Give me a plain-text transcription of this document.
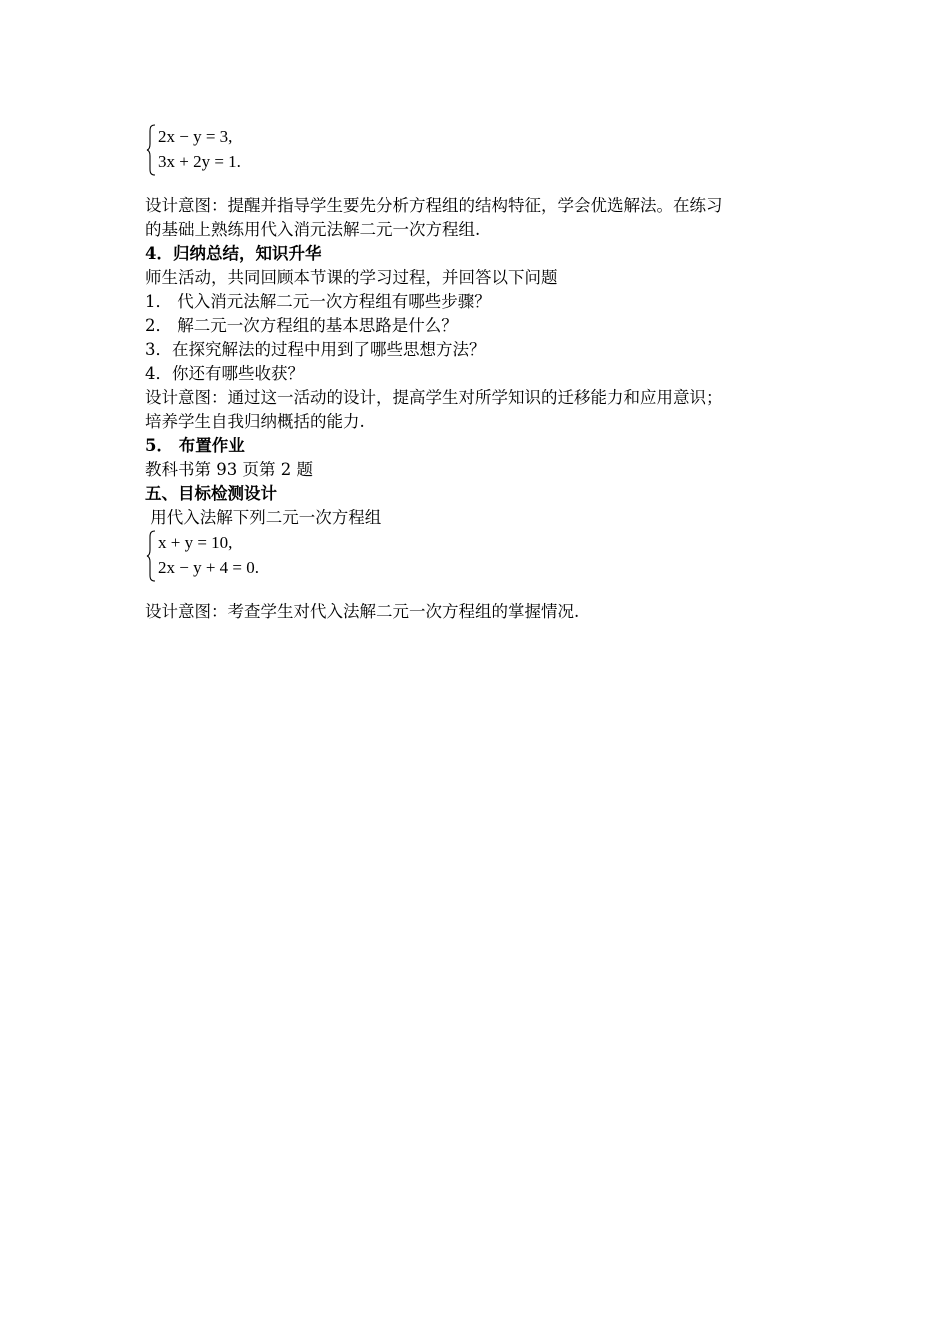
2x − y = 3,
3x + 2y = 1.
设计意图：提醒并指导学生要先分析方程组的结构特征，学会优选解法。在练习
的基础上熟练用代入消元法解二元一次方程组.
4．归纳总结，知识升华
师生活动，共同回顾本节课的学习过程，并回答以下问题
1． 代入消元法解二元一次方程组有哪些步骤？
2． 解二元一次方程组的基本思路是什么？
3．在探究解法的过程中用到了哪些思想方法？
4．你还有哪些收获？
设计意图：通过这一活动的设计，提高学生对所学知识的迁移能力和应用意识；
培养学生自我归纳概括的能力.
5． 布置作业
教科书第 93 页第 2 题
五、目标检测设计
用代入法解下列二元一次方程组
x + y = 10,
2x − y + 4 = 0.
设计意图：考查学生对代入法解二元一次方程组的掌握情况.
